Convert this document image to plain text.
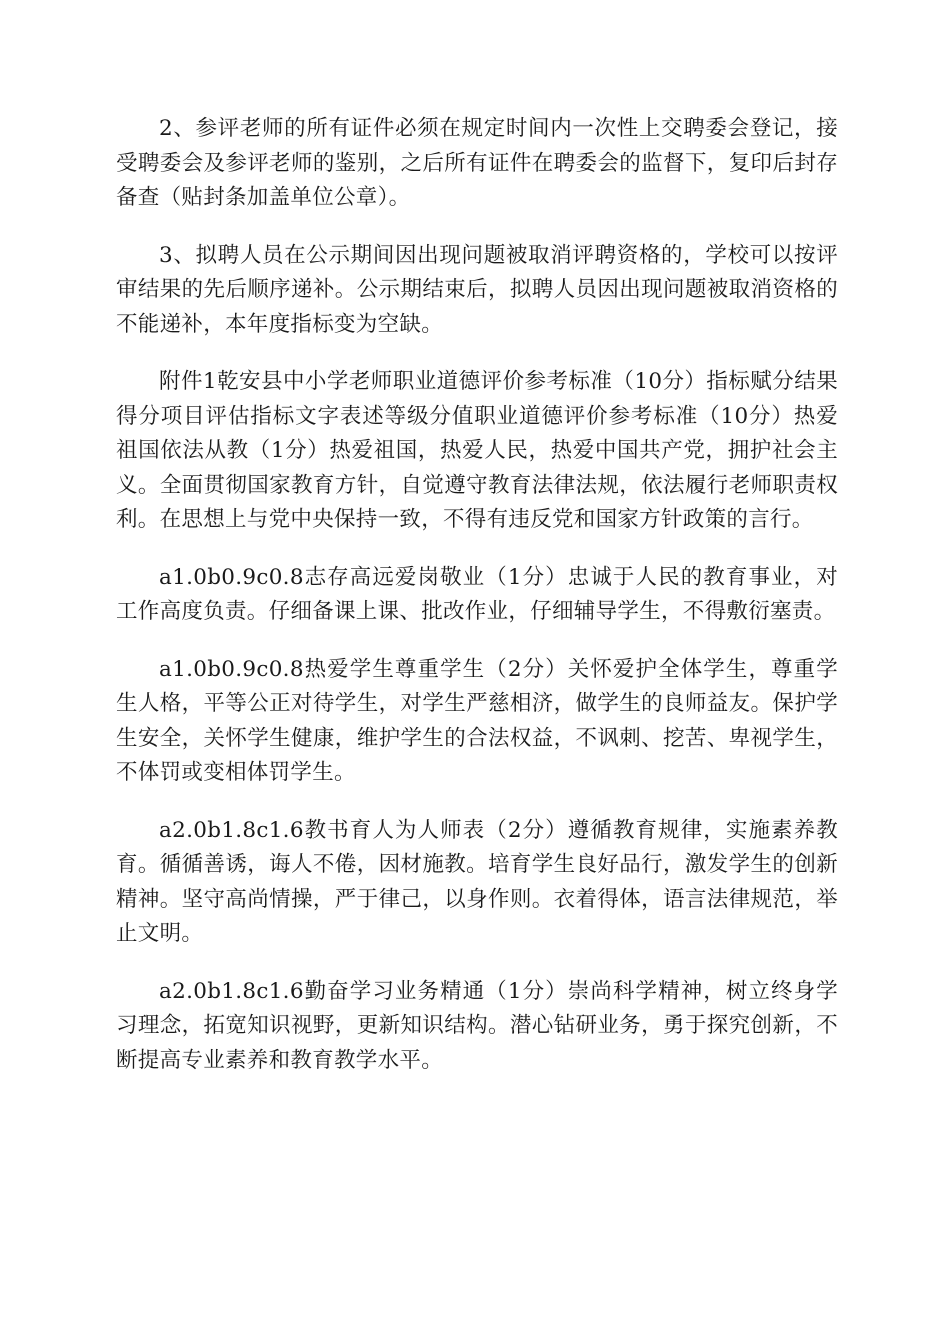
2、参评老师的所有证件必须在规定时间内一次性上交聘委会登记，接受聘委会及参评老师的鉴别，之后所有证件在聘委会的监督下，复印后封存备查（贴封条加盖单位公章）。

3、拟聘人员在公示期间因出现问题被取消评聘资格的，学校可以按评审结果的先后顺序递补。公示期结束后，拟聘人员因出现问题被取消资格的不能递补，本年度指标变为空缺。

附件1乾安县中小学老师职业道德评价参考标准（10分）指标赋分结果得分项目评估指标文字表述等级分值职业道德评价参考标准（10分）热爱祖国依法从教（1分）热爱祖国，热爱人民，热爱中国共产党，拥护社会主义。全面贯彻国家教育方针，自觉遵守教育法律法规，依法履行老师职责权利。在思想上与党中央保持一致，不得有违反党和国家方针政策的言行。

a1.0b0.9c0.8志存高远爱岗敬业（1分）忠诚于人民的教育事业，对工作高度负责。仔细备课上课、批改作业，仔细辅导学生，不得敷衍塞责。

a1.0b0.9c0.8热爱学生尊重学生（2分）关怀爱护全体学生，尊重学生人格，平等公正对待学生，对学生严慈相济，做学生的良师益友。保护学生安全，关怀学生健康，维护学生的合法权益，不讽刺、挖苦、卑视学生，不体罚或变相体罚学生。

a2.0b1.8c1.6教书育人为人师表（2分）遵循教育规律，实施素养教育。循循善诱，诲人不倦，因材施教。培育学生良好品行，激发学生的创新精神。坚守高尚情操，严于律己，以身作则。衣着得体，语言法律规范，举止文明。

a2.0b1.8c1.6勤奋学习业务精通（1分）崇尚科学精神，树立终身学习理念，拓宽知识视野，更新知识结构。潜心钻研业务，勇于探究创新，不断提高专业素养和教育教学水平。
